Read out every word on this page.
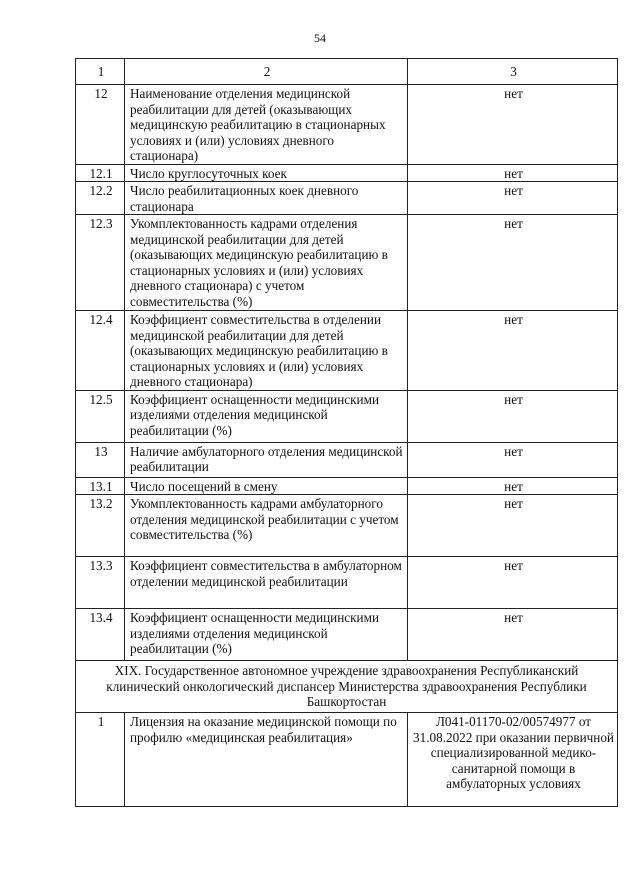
54
1	2	3
12	Наименование отделения медицинской реабилитации для детей (оказывающих медицинскую реабилитацию в стационарных условиях и (или) условиях дневного стационара)	нет
12.1	Число круглосуточных коек	нет
12.2	Число реабилитационных коек дневного стационара	нет
12.3	Укомплектованность кадрами отделения медицинской реабилитации для детей (оказывающих медицинскую реабилитацию в стационарных условиях и (или) условиях дневного стационара) с учетом совместительства (%)	нет
12.4	Коэффициент совместительства в отделении медицинской реабилитации для детей (оказывающих медицинскую реабилитацию в стационарных условиях и (или) условиях дневного стационара)	нет
12.5	Коэффициент оснащенности медицинскими изделиями отделения медицинской реабилитации (%)	нет
13	Наличие амбулаторного отделения медицинской реабилитации	нет
13.1	Число посещений в смену	нет
13.2	Укомплектованность кадрами амбулаторного отделения медицинской реабилитации с учетом совместительства (%)	нет
13.3	Коэффициент совместительства в амбулаторном отделении медицинской реабилитации	нет
13.4	Коэффициент оснащенности медицинскими изделиями отделения медицинской реабилитации (%)	нет
XIX. Государственное автономное учреждение здравоохранения Республиканский клинический онкологический диспансер Министерства здравоохранения Республики Башкортостан		
1	Лицензия на оказание медицинской помощи по профилю «медицинская реабилитация»	Л041-01170-02/00574977 от 31.08.2022 при оказании первичной специализированной медико-санитарной помощи в амбулаторных условиях
